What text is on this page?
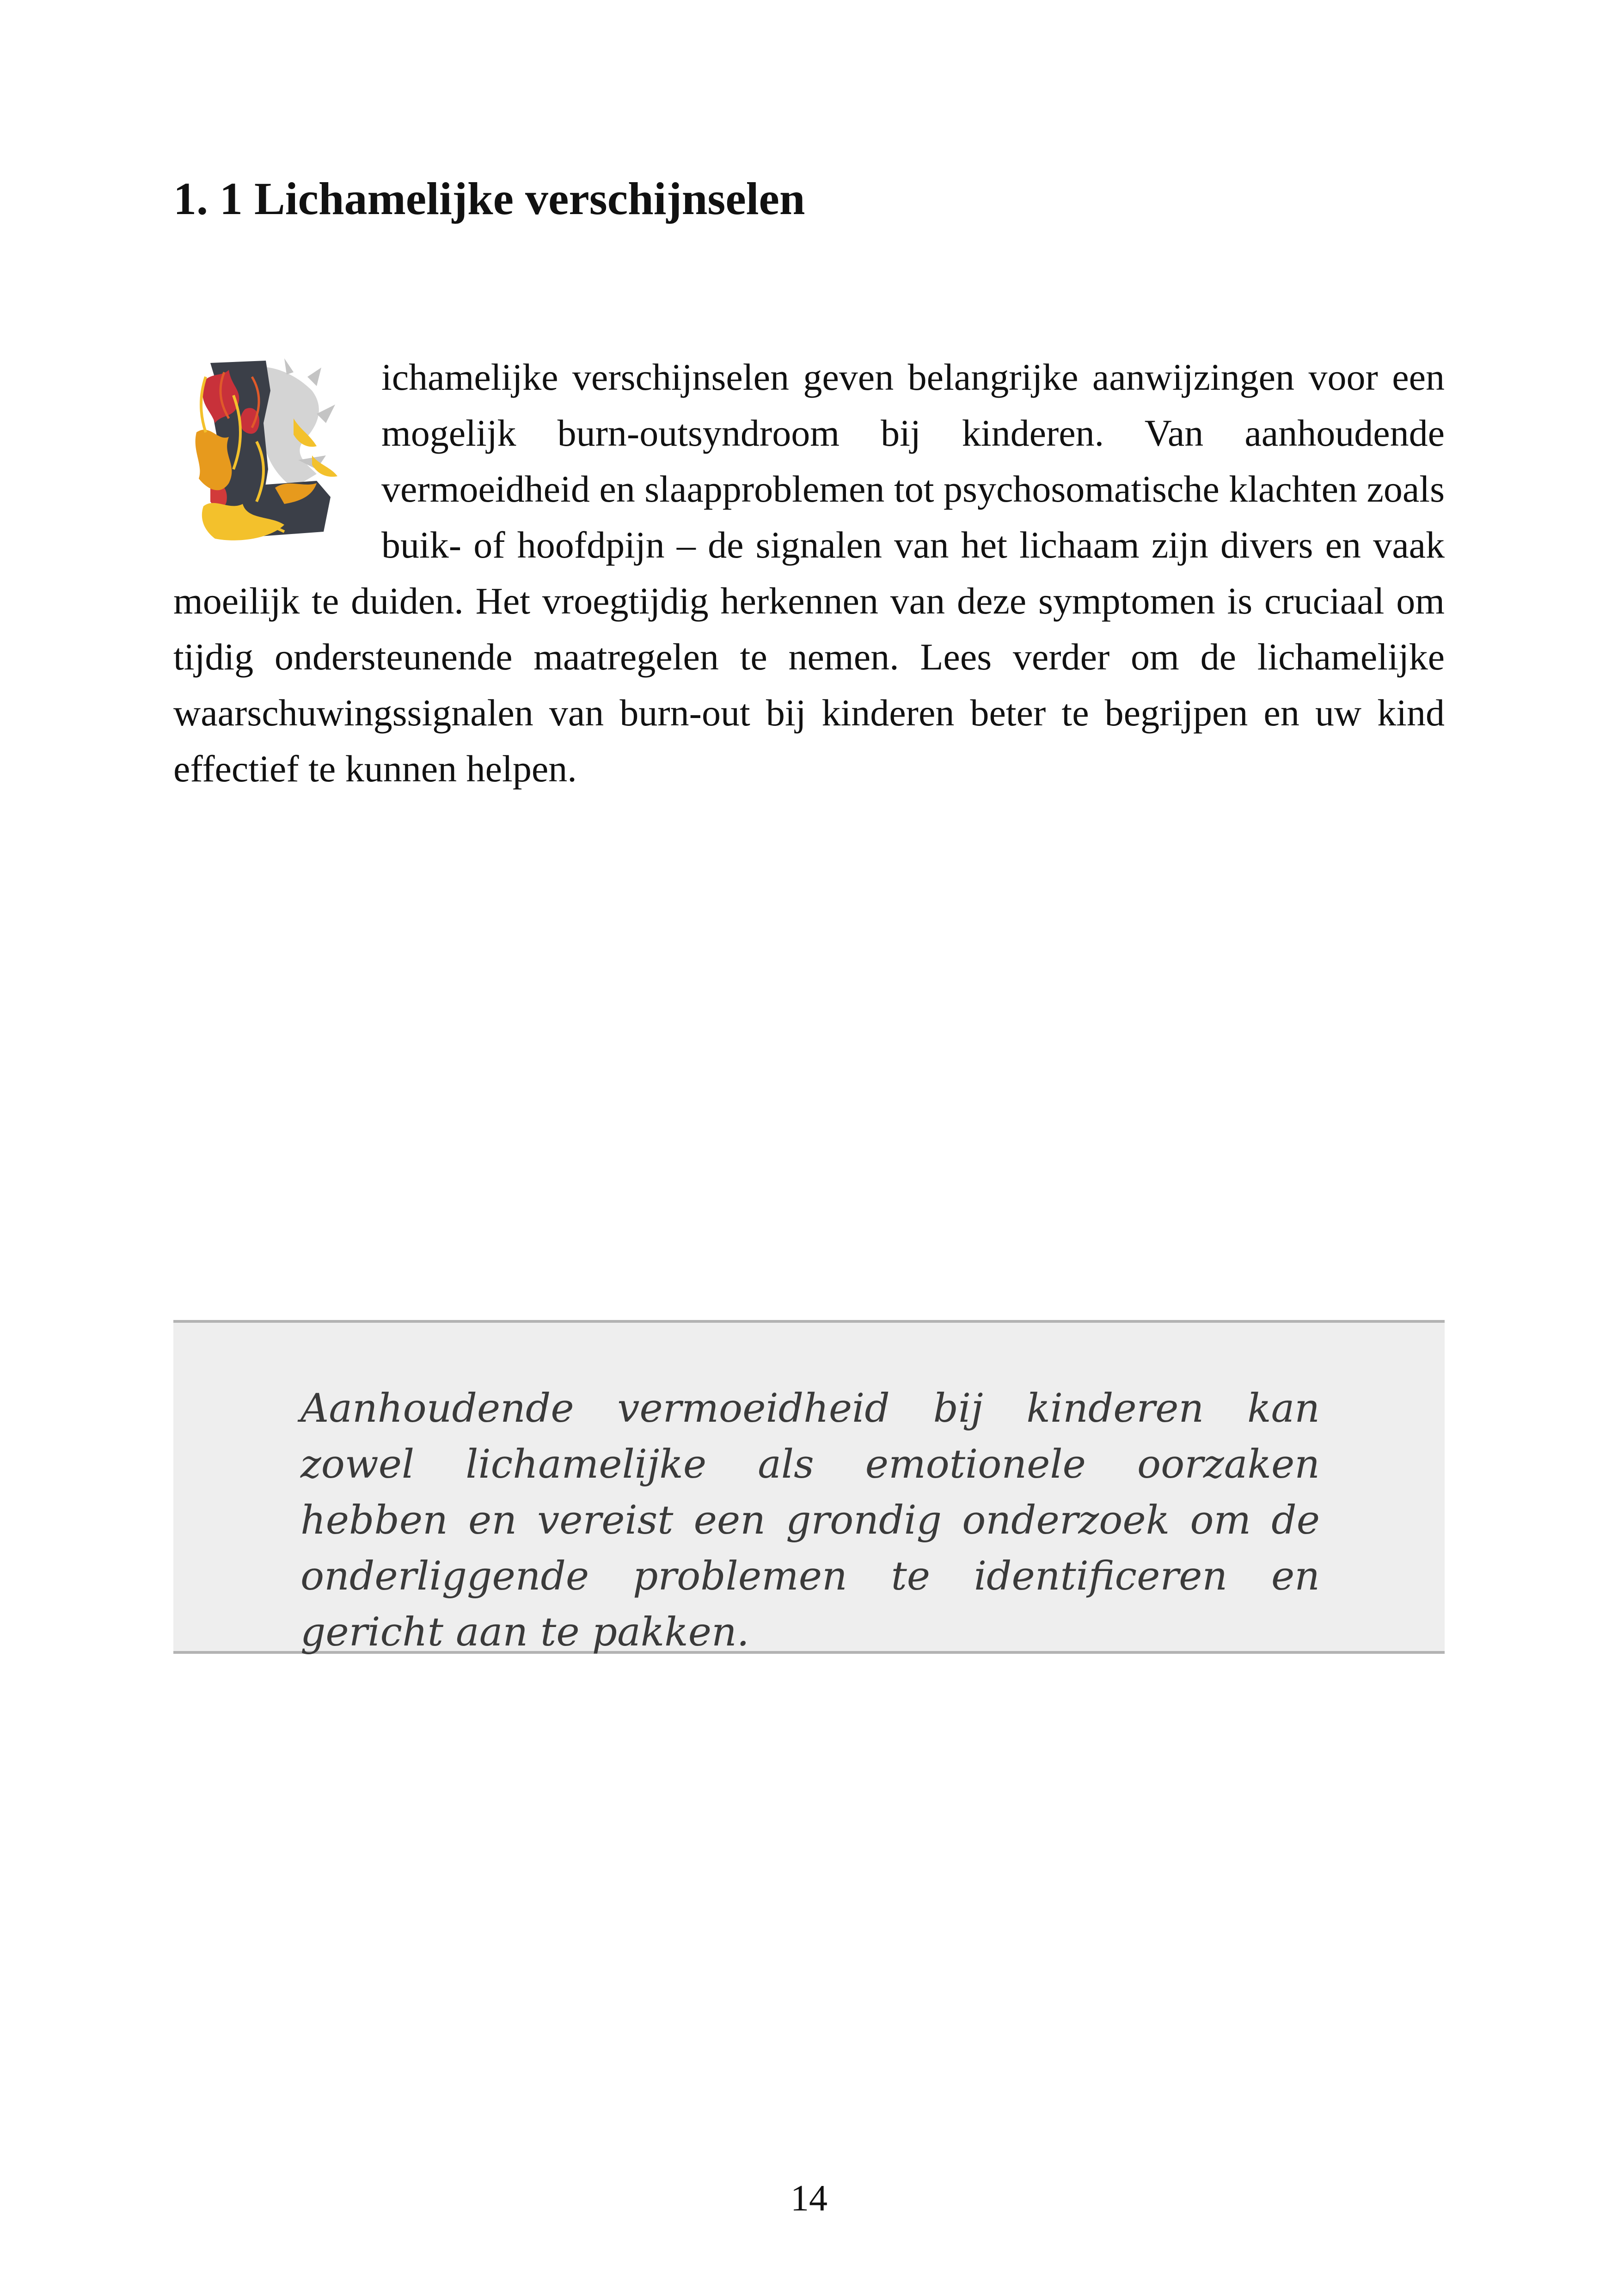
1. 1 Lichamelijke verschijnselen

ichamelijke verschijnselen geven belangrijke aanwijzingen voor een mogelijk burn-outsyndroom bij kinderen. Van aanhoudende vermoeidheid en slaapproblemen tot psychosomatische klachten zoals buik- of hoofdpijn – de signalen van het lichaam zijn divers en vaak moeilijk te duiden. Het vroegtijdig herkennen van deze symptomen is cruciaal om tijdig ondersteunende maatregelen te nemen. Lees verder om de lichamelijke waarschuwingssignalen van burn-out bij kinderen beter te begrijpen en uw kind effectief te kunnen helpen.

Aanhoudende vermoeidheid bij kinderen kan zowel lichamelijke als emotionele oorzaken hebben en vereist een grondig onderzoek om de onderliggende problemen te identificeren en gericht aan te pakken.

14
